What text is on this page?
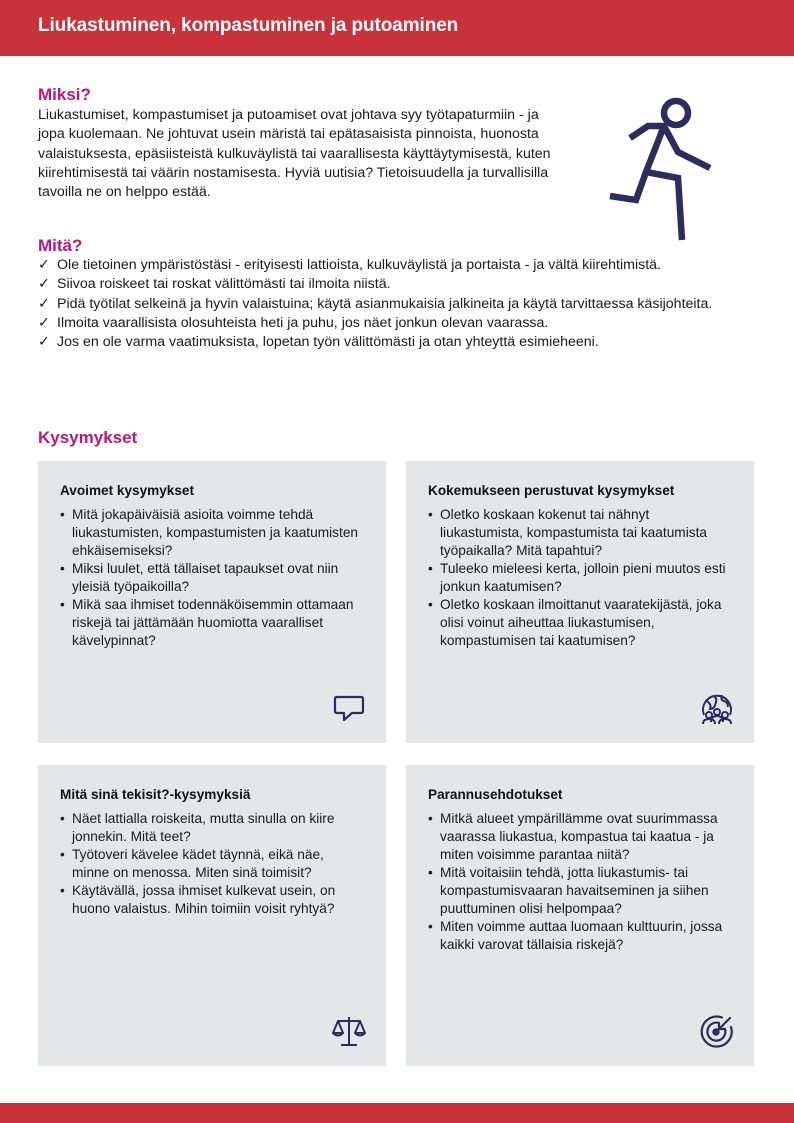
Liukastuminen, kompastuminen ja putoaminen
Miksi?

Liukastumiset, kompastumiset ja putoamiset ovat johtava syy työtapaturmiin - ja jopa kuolemaan. Ne johtuvat usein märistä tai epätasaisista pinnoista, huonosta valaistuksesta, epäsiisteistä kulkuväylistä tai vaarallisesta käyttäytymisestä, kuten kiirehtimisestä tai väärin nostamisesta. Hyviä uutisia? Tietoisuudella ja turvallisilla tavoilla ne on helppo estää.

Mitä?
✓ Ole tietoinen ympäristöstäsi - erityisesti lattioista, kulkuväylistä ja portaista - ja vältä kiirehtimistä.
✓ Siivoa roiskeet tai roskat välittömästi tai ilmoita niistä.
✓ Pidä työtilat selkeinä ja hyvin valaistuina; käytä asianmukaisia jalkineita ja käytä tarvittaessa käsijohteita.
✓ Ilmoita vaarallisista olosuhteista heti ja puhu, jos näet jonkun olevan vaarassa.
✓ Jos en ole varma vaatimuksista, lopetan työn välittömästi ja otan yhteyttä esimieheeni.
Kysymykset
Avoimet kysymykset
• Mitä jokapäiväisiä asioita voimme tehdä liukastumisten, kompastumisten ja kaatumisten ehkäisemiseksi?
• Miksi luulet, että tällaiset tapaukset ovat niin yleisiä työpaikoilla?
• Mikä saa ihmiset todennäköisemmin ottamaan riskejä tai jättämään huomiotta vaaralliset kävelypinnat?
Kokemukseen perustuvat kysymykset
• Oletko koskaan kokenut tai nähnyt liukastumista, kompastumista tai kaatumista työpaikalla? Mitä tapahtui?
• Tuleeko mieleesi kerta, jolloin pieni muutos esti jonkun kaatumisen?
• Oletko koskaan ilmoittanut vaaratekijästä, joka olisi voinut aiheuttaa liukastumisen, kompastumisen tai kaatumisen?
Mitä sinä tekisit?-kysymyksiä
• Näet lattialla roiskeita, mutta sinulla on kiire jonnekin. Mitä teet?
• Työtoveri kävelee kädet täynnä, eikä näe, minne on menossa. Miten sinä toimisit?
• Käytävällä, jossa ihmiset kulkevat usein, on huono valaistus. Mihin toimiin voisit ryhtyä?
Parannusehdotukset
• Mitkä alueet ympärillämme ovat suurimmassa vaarassa liukastua, kompastua tai kaatua - ja miten voisimme parantaa niitä?
• Mitä voitaisiin tehdä, jotta liukastumis- tai kompastumisvaaran havaitseminen ja siihen puuttuminen olisi helpompaa?
• Miten voimme auttaa luomaan kulttuurin, jossa kaikki varovat tällaisia riskejä?
